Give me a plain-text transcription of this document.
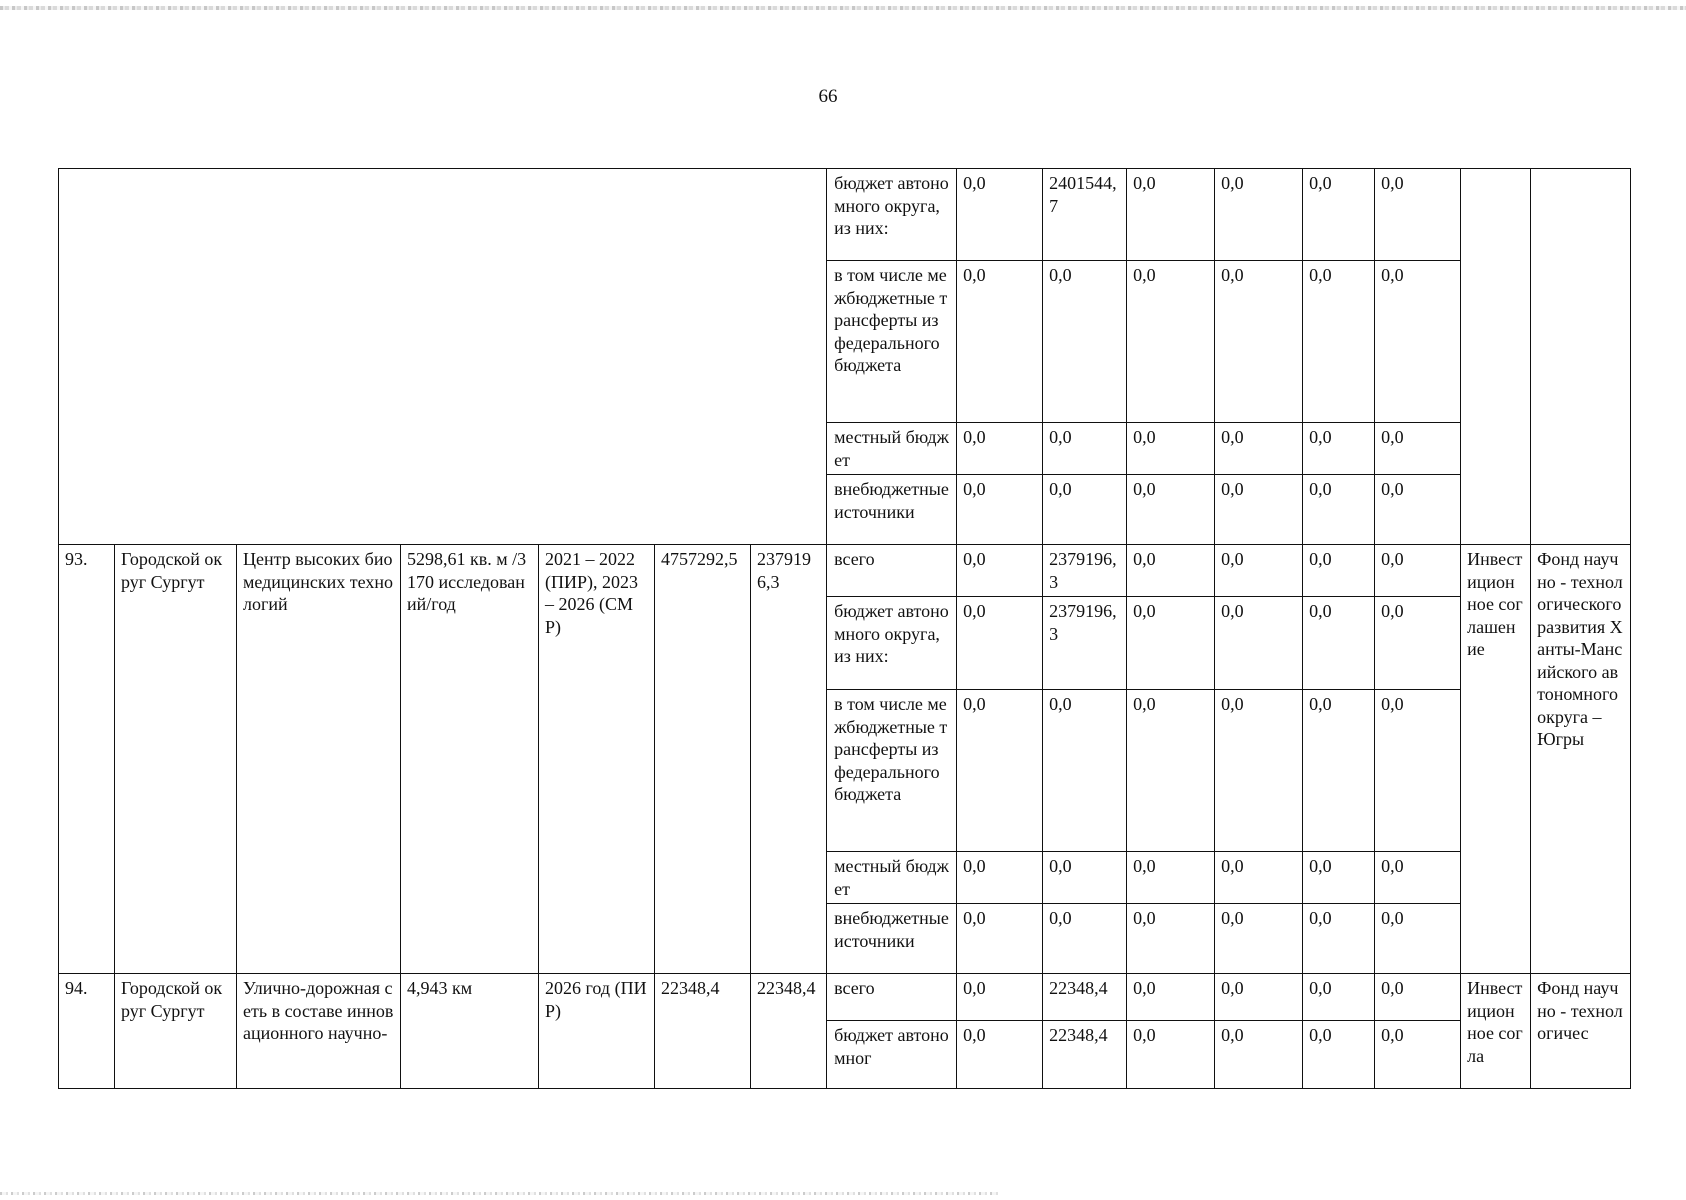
66
							бюджет автономного округа, из них:	0,0	2401544,7	0,0	0,0	0,0	0,0		
							в том числе межбюджетные трансферты из федерального бюджета	0,0	0,0	0,0	0,0	0,0	0,0		
							местный бюджет	0,0	0,0	0,0	0,0	0,0	0,0		
							внебюджетные источники	0,0	0,0	0,0	0,0	0,0	0,0		
93.	Городской округ Сургут	Центр высоких биомедицинских технологий	5298,61 кв. м /3170 исследований/год	2021 – 2022 (ПИР), 2023 – 2026 (СМР)	4757292,5	2379196,3	всего	0,0	2379196,3	0,0	0,0	0,0	0,0	Инвестиционное соглашение	Фонд научно - технологического развития Ханты-Мансийского автономного округа – Югры
							бюджет автономного округа, из них:	0,0	2379196,3	0,0	0,0	0,0	0,0		
							в том числе межбюджетные трансферты из федерального бюджета	0,0	0,0	0,0	0,0	0,0	0,0		
							местный бюджет	0,0	0,0	0,0	0,0	0,0	0,0		
							внебюджетные источники	0,0	0,0	0,0	0,0	0,0	0,0		
94.	Городской округ Сургут	Улично-дорожная сеть в составе инновационного научно-	4,943 км	2026 год (ПИР)	22348,4	22348,4	всего	0,0	22348,4	0,0	0,0	0,0	0,0	Инвестиционное согла	Фонд научно - технологичес
							бюджет автономног	0,0	22348,4	0,0	0,0	0,0	0,0		
